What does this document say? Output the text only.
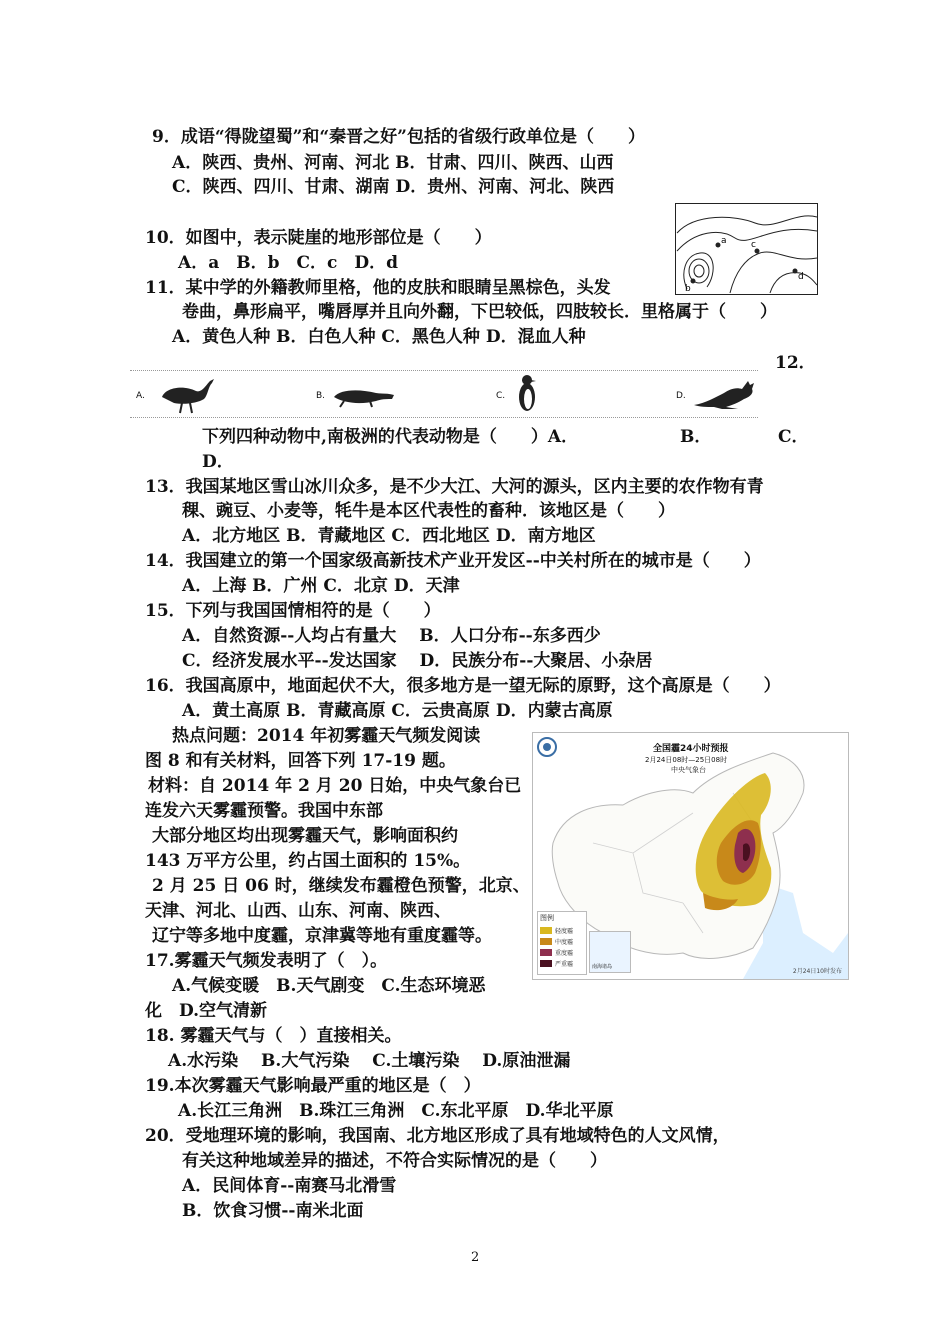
9．成语“得陇望蜀”和“秦晋之好”包括的省级行政单位是（　　）
A．陕西、贵州、河南、河北 B．甘肃、四川、陕西、山西
C．陕西、四川、甘肃、湖南 D．贵州、河南、河北、陕西
10．如图中，表示陡崖的地形部位是（　　）
A．a　B．b　C．c　D．d
a
b
c
d
11．某中学的外籍教师里格，他的皮肤和眼睛呈黑棕色，头发
卷曲，鼻形扁平，嘴唇厚并且向外翻，下巴较低，四肢较长．里格属于（　　）
A．黄色人种 B．白色人种 C．黑色人种 D．混血人种
12．
A.	B.	C.	D.
下列四种动物中,南极洲的代表动物是（　　）A．	B．	C．
D．
13．我国某地区雪山冰川众多，是不少大江、大河的源头，区内主要的农作物有青
稞、豌豆、小麦等，牦牛是本区代表性的畜种．该地区是（　　）
A．北方地区 B．青藏地区 C．西北地区 D．南方地区
14．我国建立的第一个国家级高新技术产业开发区--中关村所在的城市是（　　）
A．上海 B．广州 C．北京 D．天津
15．下列与我国国情相符的是（　　）
A．自然资源--人均占有量大　 B．人口分布--东多西少
C．经济发展水平--发达国家　 D．民族分布--大聚居、小杂居
16．我国高原中，地面起伏不大，很多地方是一望无际的原野，这个高原是（　　）
A．黄土高原 B．青藏高原 C．云贵高原 D．内蒙古高原
热点问题：2014 年初雾霾天气频发阅读
图 8 和有关材料，回答下列 17-19 题。
材料：自 2014 年 2 月 20 日始，中央气象台已
连发六天雾霾预警。我国中东部
大部分地区均出现雾霾天气，影响面积约
143 万平方公里，约占国土面积的 15%。
2 月 25 日 06 时，继续发布霾橙色预警，北京、
天津、河北、山西、山东、河南、陕西、
辽宁等多地中度霾，京津冀等地有重度霾等。
全国霾24小时预报
2月24日08时—25日08时
中央气象台
图例
轻度霾
中度霾
重度霾
严重霾	南海诸岛
2月24日10时发布
17.雾霾天气频发表明了（　）。
A.气候变暖　B.天气剧变　C.生态环境恶
化　D.空气清新
18. 雾霾天气与（　）直接相关。
A.水污染　 B.大气污染　 C.土壤污染　 D.原油泄漏
19.本次雾霾天气影响最严重的地区是（　）
A.长江三角洲　B.珠江三角洲　C.东北平原　D.华北平原
20．受地理环境的影响，我国南、北方地区形成了具有地域特色的人文风情，
有关这种地域差异的描述，不符合实际情况的是（　　）
A．民间体育--南赛马北滑雪
B．饮食习惯--南米北面
2
